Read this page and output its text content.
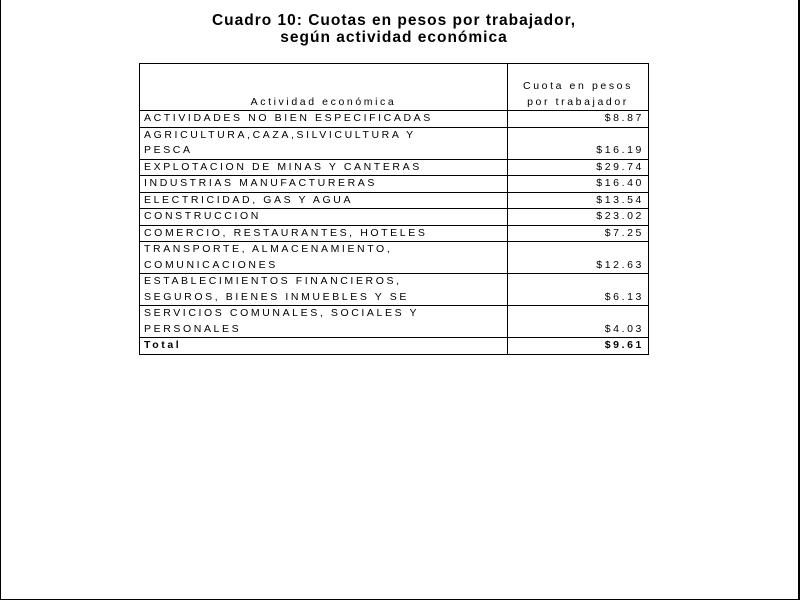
Cuadro 10: Cuotas en pesos por trabajador,
según actividad económica
Actividad económica	Cuota en pesos
por trabajador

ACTIVIDADES NO BIEN ESPECIFICADAS	$8.87

AGRICULTURA,CAZA,SILVICULTURA Y
PESCA	$16.19

EXPLOTACION DE MINAS Y CANTERAS	$29.74

INDUSTRIAS MANUFACTURERAS	$16.40

ELECTRICIDAD, GAS Y AGUA	$13.54

CONSTRUCCION	$23.02

COMERCIO, RESTAURANTES, HOTELES	$7.25

TRANSPORTE, ALMACENAMIENTO,
COMUNICACIONES	$12.63

ESTABLECIMIENTOS FINANCIEROS,
SEGUROS, BIENES INMUEBLES Y SE	$6.13

SERVICIOS COMUNALES, SOCIALES Y
PERSONALES	$4.03
Total	$9.61
